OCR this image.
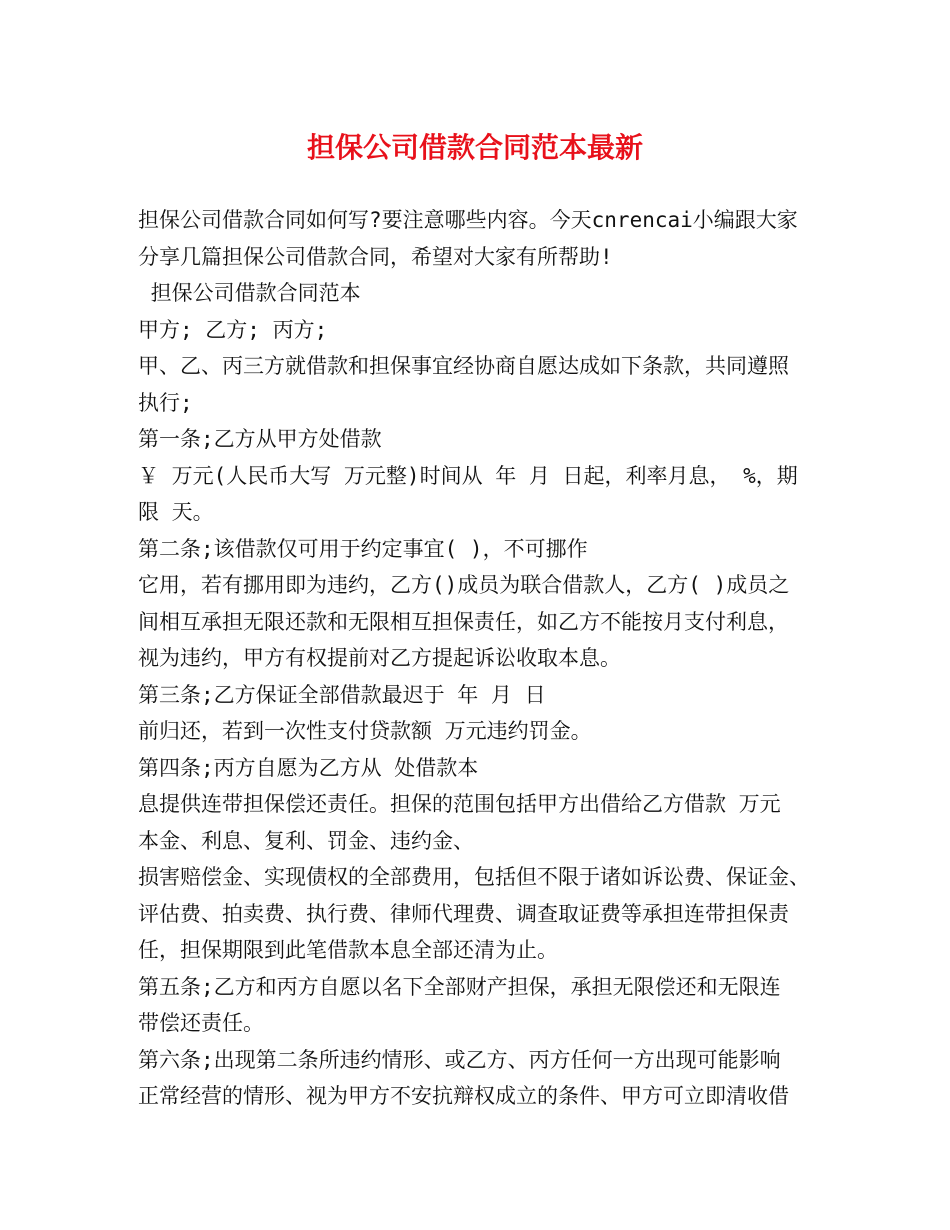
担保公司借款合同范本最新
担保公司借款合同如何写?要注意哪些内容。今天cnrencai小编跟大家
分享几篇担保公司借款合同，希望对大家有所帮助!
担保公司借款合同范本
甲方; 乙方; 丙方;
甲、乙、丙三方就借款和担保事宜经协商自愿达成如下条款，共同遵照
执行;
第一条;乙方从甲方处借款
￥ 万元(人民币大写 万元整)时间从 年 月 日起，利率月息， %，期
限 天。
第二条;该借款仅可用于约定事宜( )，不可挪作
它用，若有挪用即为违约，乙方()成员为联合借款人，乙方( )成员之
间相互承担无限还款和无限相互担保责任，如乙方不能按月支付利息，
视为违约，甲方有权提前对乙方提起诉讼收取本息。
第三条;乙方保证全部借款最迟于 年 月 日
前归还，若到一次性支付贷款额 万元违约罚金。
第四条;丙方自愿为乙方从 处借款本
息提供连带担保偿还责任。担保的范围包括甲方出借给乙方借款 万元
本金、利息、复利、罚金、违约金、
损害赔偿金、实现债权的全部费用，包括但不限于诸如诉讼费、保证金、
评估费、拍卖费、执行费、律师代理费、调查取证费等承担连带担保责
任，担保期限到此笔借款本息全部还清为止。
第五条;乙方和丙方自愿以名下全部财产担保，承担无限偿还和无限连
带偿还责任。
第六条;出现第二条所违约情形、或乙方、丙方任何一方出现可能影响
正常经营的情形、视为甲方不安抗辩权成立的条件、甲方可立即清收借
